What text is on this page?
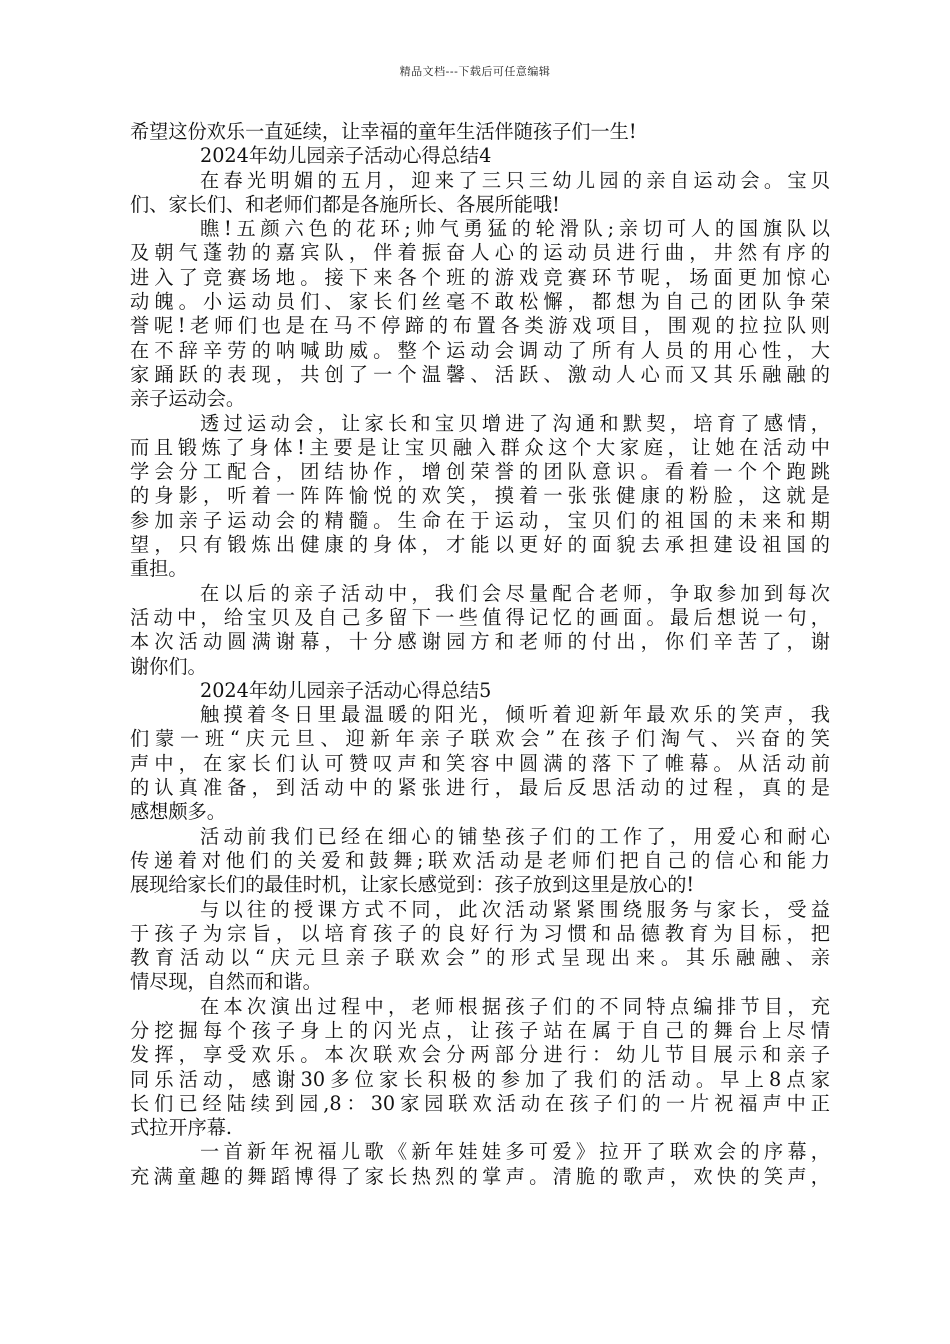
精品文档---下载后可任意编辑
希望这份欢乐一直延续，让幸福的童年生活伴随孩子们一生!
2024年幼儿园亲子活动心得总结4
在春光明媚的五月，迎来了三只三幼儿园的亲自运动会。宝贝
们、家长们、和老师们都是各施所长、各展所能哦!
瞧!五颜六色的花环;帅气勇猛的轮滑队;亲切可人的国旗队以
及朝气蓬勃的嘉宾队，伴着振奋人心的运动员进行曲，井然有序的
进入了竞赛场地。接下来各个班的游戏竞赛环节呢，场面更加惊心
动魄。小运动员们、家长们丝毫不敢松懈，都想为自己的团队争荣
誉呢!老师们也是在马不停蹄的布置各类游戏项目，围观的拉拉队则
在不辞辛劳的呐喊助威。整个运动会调动了所有人员的用心性，大
家踊跃的表现，共创了一个温馨、活跃、激动人心而又其乐融融的
亲子运动会。
透过运动会，让家长和宝贝增进了沟通和默契，培育了感情，
而且锻炼了身体!主要是让宝贝融入群众这个大家庭，让她在活动中
学会分工配合，团结协作，增创荣誉的团队意识。看着一个个跑跳
的身影，听着一阵阵愉悦的欢笑，摸着一张张健康的粉脸，这就是
参加亲子运动会的精髓。生命在于运动，宝贝们的祖国的未来和期
望，只有锻炼出健康的身体，才能以更好的面貌去承担建设祖国的
重担。
在以后的亲子活动中，我们会尽量配合老师，争取参加到每次
活动中，给宝贝及自己多留下一些值得记忆的画面。最后想说一句，
本次活动圆满谢幕，十分感谢园方和老师的付出，你们辛苦了，谢
谢你们。
2024年幼儿园亲子活动心得总结5
触摸着冬日里最温暖的阳光，倾听着迎新年最欢乐的笑声，我
们蒙一班“庆元旦、迎新年亲子联欢会”在孩子们淘气、兴奋的笑
声中，在家长们认可赞叹声和笑容中圆满的落下了帷幕。从活动前
的认真准备，到活动中的紧张进行，最后反思活动的过程，真的是
感想颇多。
活动前我们已经在细心的铺垫孩子们的工作了，用爱心和耐心
传递着对他们的关爱和鼓舞;联欢活动是老师们把自己的信心和能力
展现给家长们的最佳时机，让家长感觉到：孩子放到这里是放心的!
与以往的授课方式不同，此次活动紧紧围绕服务与家长，受益
于孩子为宗旨，以培育孩子的良好行为习惯和品德教育为目标，把
教育活动以“庆元旦亲子联欢会”的形式呈现出来。其乐融融、亲
情尽现，自然而和谐。
在本次演出过程中，老师根据孩子们的不同特点编排节目，充
分挖掘每个孩子身上的闪光点，让孩子站在属于自己的舞台上尽情
发挥，享受欢乐。本次联欢会分两部分进行：幼儿节目展示和亲子
同乐活动，感谢30多位家长积极的参加了我们的活动。早上8点家
长们已经陆续到园,8：30家园联欢活动在孩子们的一片祝福声中正
式拉开序幕.
一首新年祝福儿歌《新年娃娃多可爱》拉开了联欢会的序幕，
充满童趣的舞蹈博得了家长热烈的掌声。清脆的歌声，欢快的笑声，
